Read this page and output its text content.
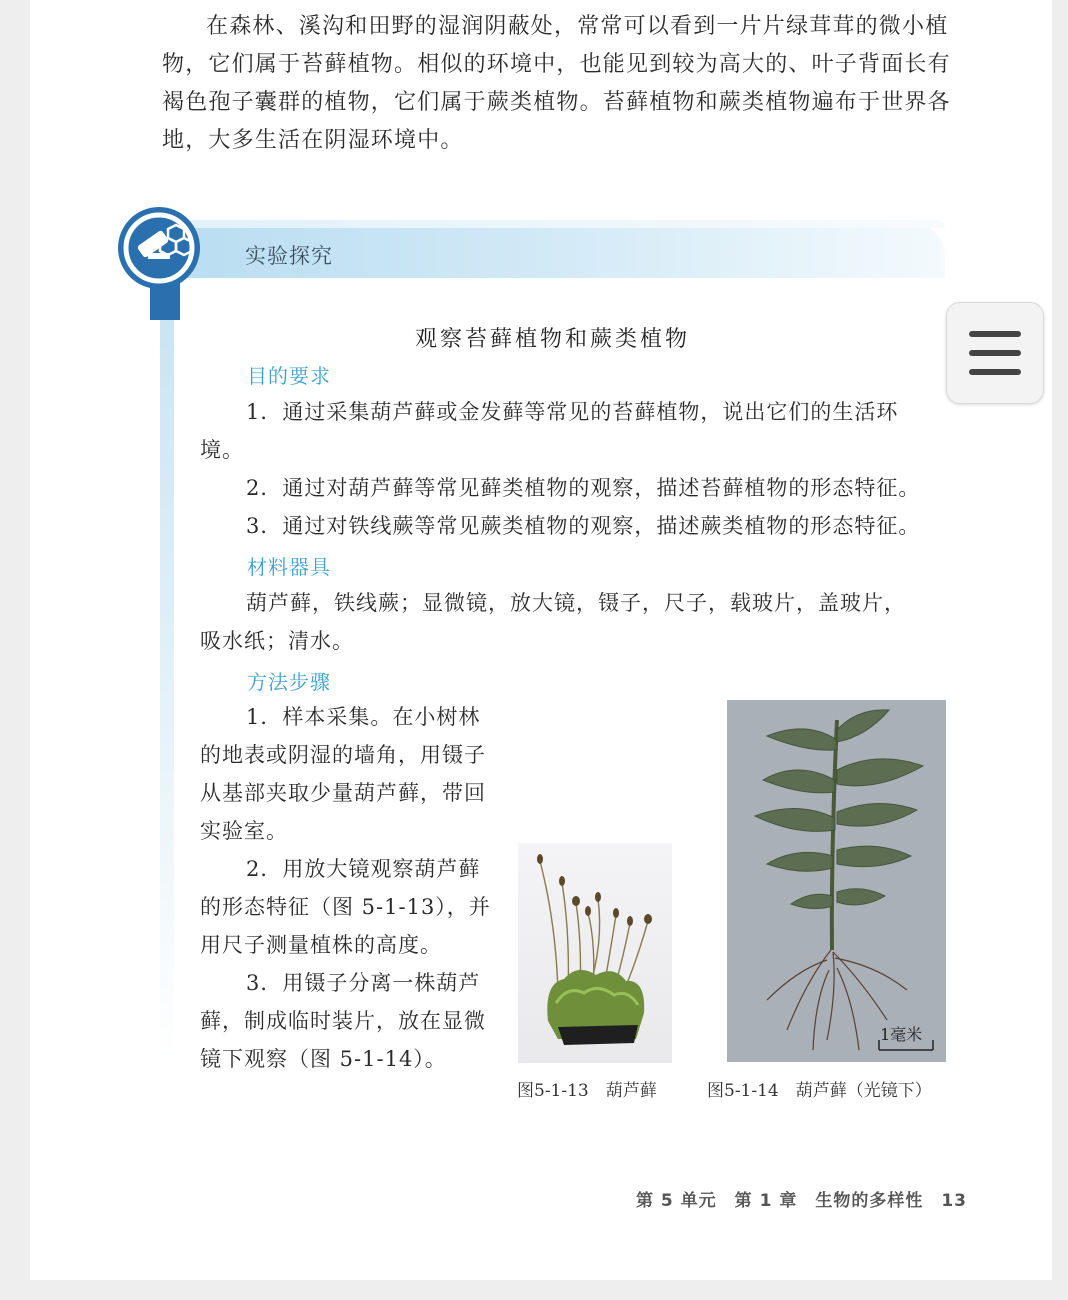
在森林、溪沟和田野的湿润阴蔽处，常常可以看到一片片绿茸茸的微小植物，它们属于苔藓植物。相似的环境中，也能见到较为高大的、叶子背面长有褐色孢子囊群的植物，它们属于蕨类植物。苔藓植物和蕨类植物遍布于世界各地，大多生活在阴湿环境中。

实验探究
观察苔藓植物和蕨类植物
目的要求

1．通过采集葫芦藓或金发藓等常见的苔藓植物，说出它们的生活环境。

2．通过对葫芦藓等常见藓类植物的观察，描述苔藓植物的形态特征。

3．通过对铁线蕨等常见蕨类植物的观察，描述蕨类植物的形态特征。

材料器具

葫芦藓，铁线蕨；显微镜，放大镜，镊子，尺子，载玻片，盖玻片，吸水纸；清水。

方法步骤

1．样本采集。在小树林的地表或阴湿的墙角，用镊子从基部夹取少量葫芦藓，带回实验室。

2．用放大镜观察葫芦藓的形态特征（图 5-1-13），并用尺子测量植株的高度。

3．用镊子分离一株葫芦藓，制成临时装片，放在显微镜下观察（图 5-1-14）。

图5-1-13　葫芦藓
1毫米
图5-1-14　葫芦藓（光镜下）
第 5 单元　第 1 章　生物的多样性　13
